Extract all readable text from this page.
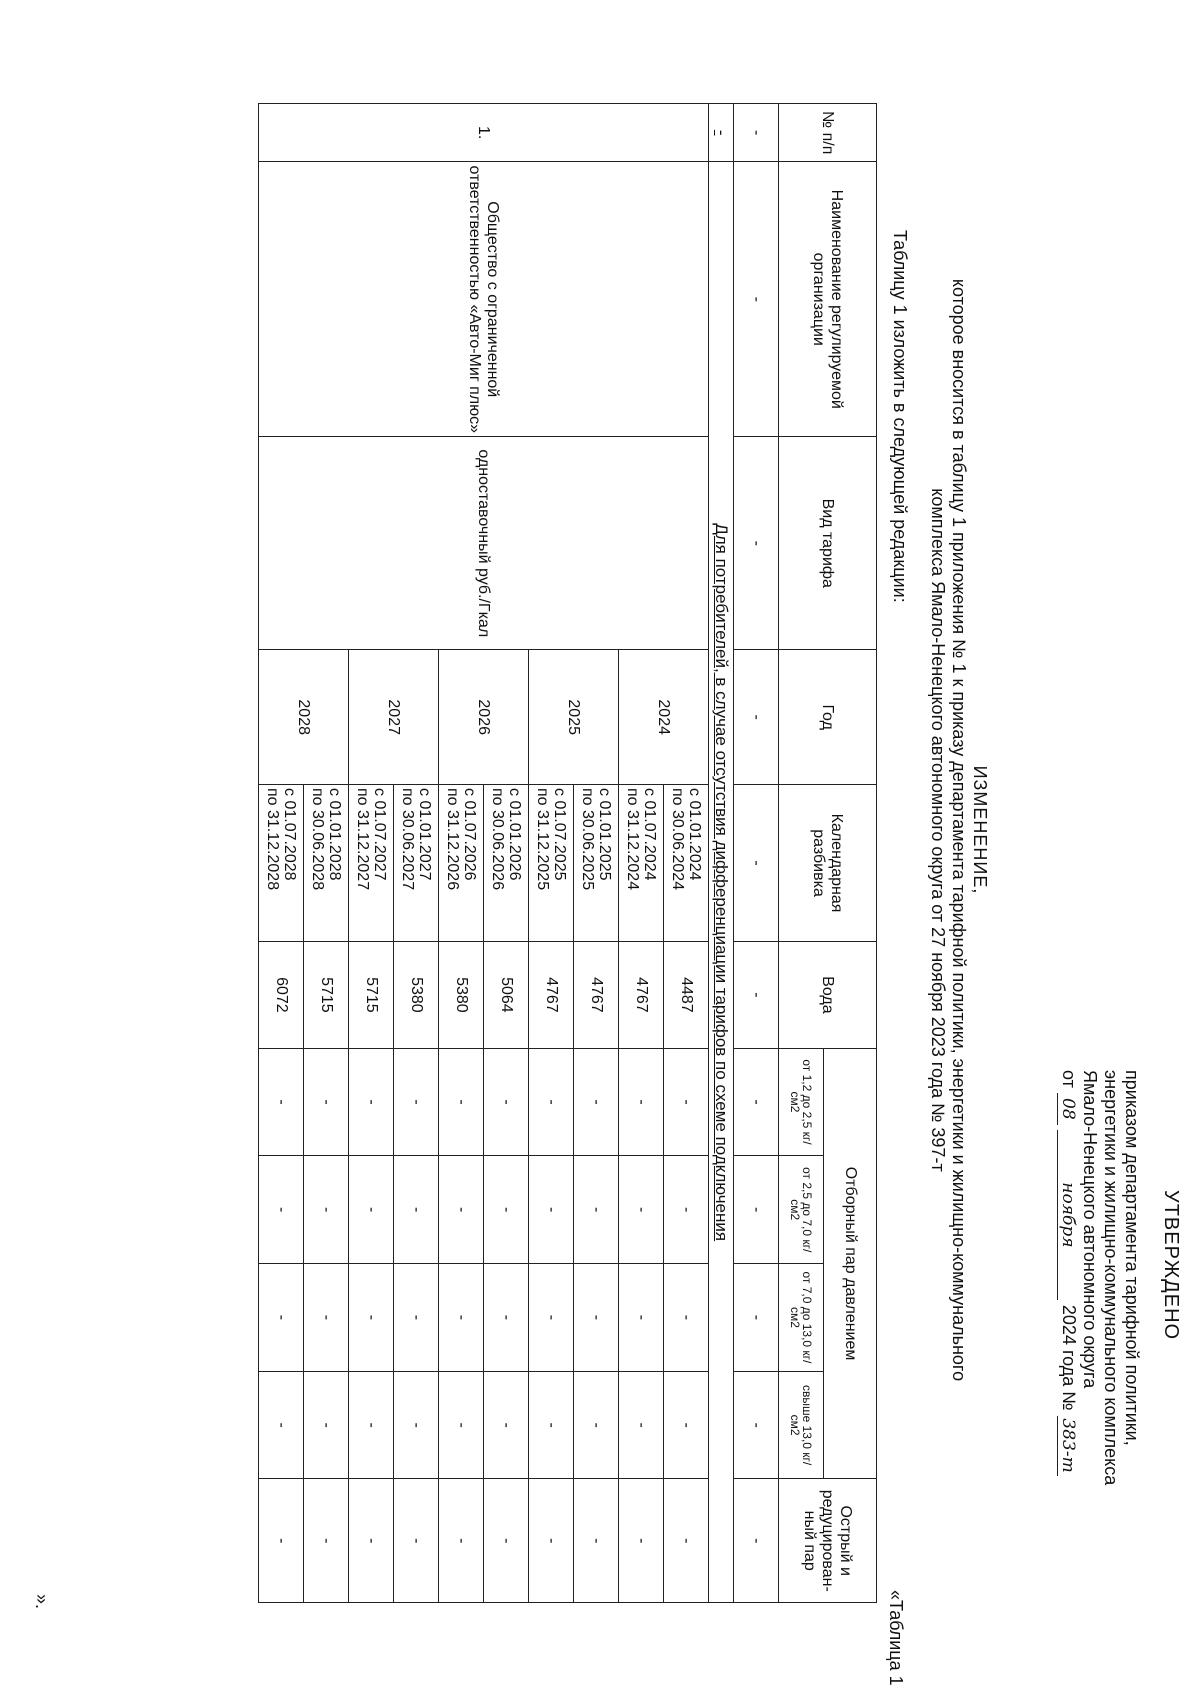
УТВЕРЖДЕНО
приказом департамента тарифной политики,
энергетики и жилищно-коммунального комплекса
Ямало-Ненецкого автономного округа
от 08 ноября 2024 года № 383-т
ИЗМЕНЕНИЕ,
которое вносится в таблицу 1 приложения № 1 к приказу департамента тарифной политики, энергетики и жилищно-коммунального
комплекса Ямало-Ненецкого автономного округа от 27 ноября 2023 года № 397-т
Таблицу 1 изложить в следующей редакции:
«Таблица 1
№ п/п	Наименование регулируемой организации	Вид тарифа	Год	Календарная разбивка	Вода	Отборный пар давлением				Острый и редуцирован-ный пар
						от 1,2 до 2,5 кг/см2	от 2,5 до 7,0 кг/см2	от 7,0 до 13,0 кг/см2	свыше 13,0 кг/см2	
-	-	-	-	-	-	-	-	-	-	-
-	Для потребителей, в случае отсутствия дифференциации тарифов по схеме подключения									
1.	Общество с ограниченной ответственностью «Авто-Миг плюс»	одноставочный руб./Гкал	2024	с 01.01.2024
по 30.06.2024	4487	-	-	-	-	-

				с 01.07.2024
по 31.12.2024	4767	-	-	-	-	-
			2025	с 01.01.2025
по 30.06.2025	4767	-	-	-	-	-

				с 01.07.2025
по 31.12.2025	4767	-	-	-	-	-
			2026	с 01.01.2026
по 30.06.2026	5064	-	-	-	-	-

				с 01.07.2026
по 31.12.2026	5380	-	-	-	-	-
			2027	с 01.01.2027
по 30.06.2027	5380	-	-	-	-	-

				с 01.07.2027
по 31.12.2027	5715	-	-	-	-	-
			2028	с 01.01.2028
по 30.06.2028	5715	-	-	-	-	-

				с 01.07.2028
по 31.12.2028	6072	-	-	-	-	-
».
